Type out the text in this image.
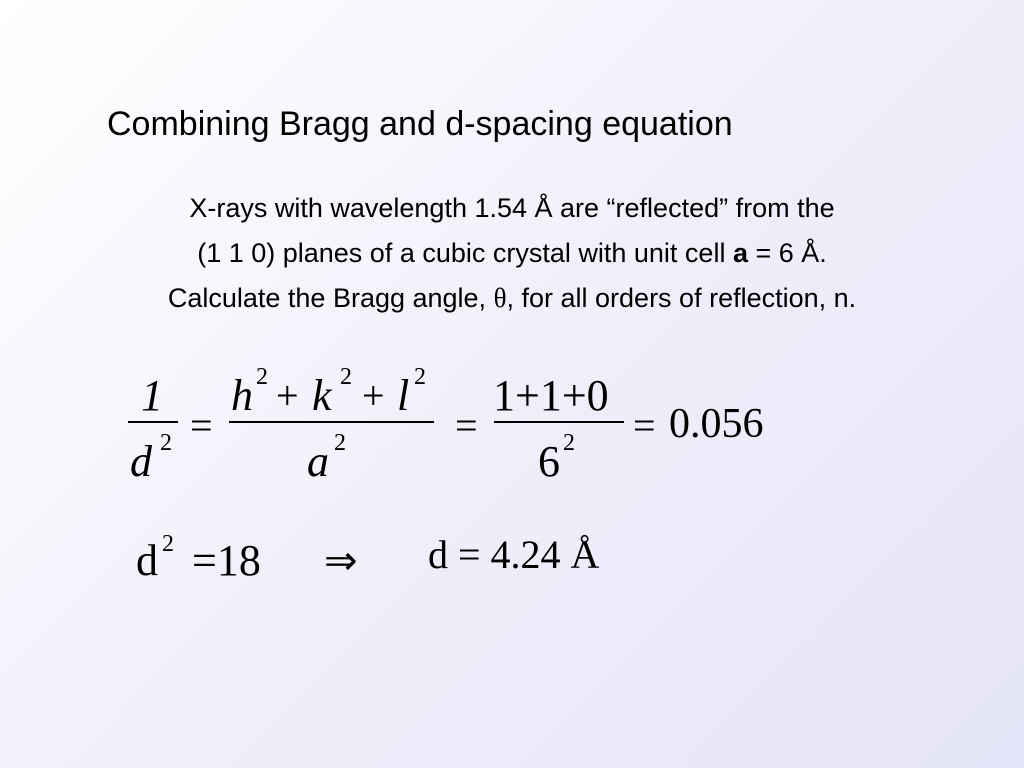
Combining Bragg and d-spacing equation
X-rays with wavelength 1.54 Å are “reflected” from the
(1 1 0) planes of a cubic crystal with unit cell a = 6 Å.
Calculate the Bragg angle, θ, for all orders of reflection, n.
1
d 2 =
h 2 + k 2 + l 2
a 2	=
1+1+0
6 2 = 0.056
d 2 =18 ⇒ d = 4.24 Å
